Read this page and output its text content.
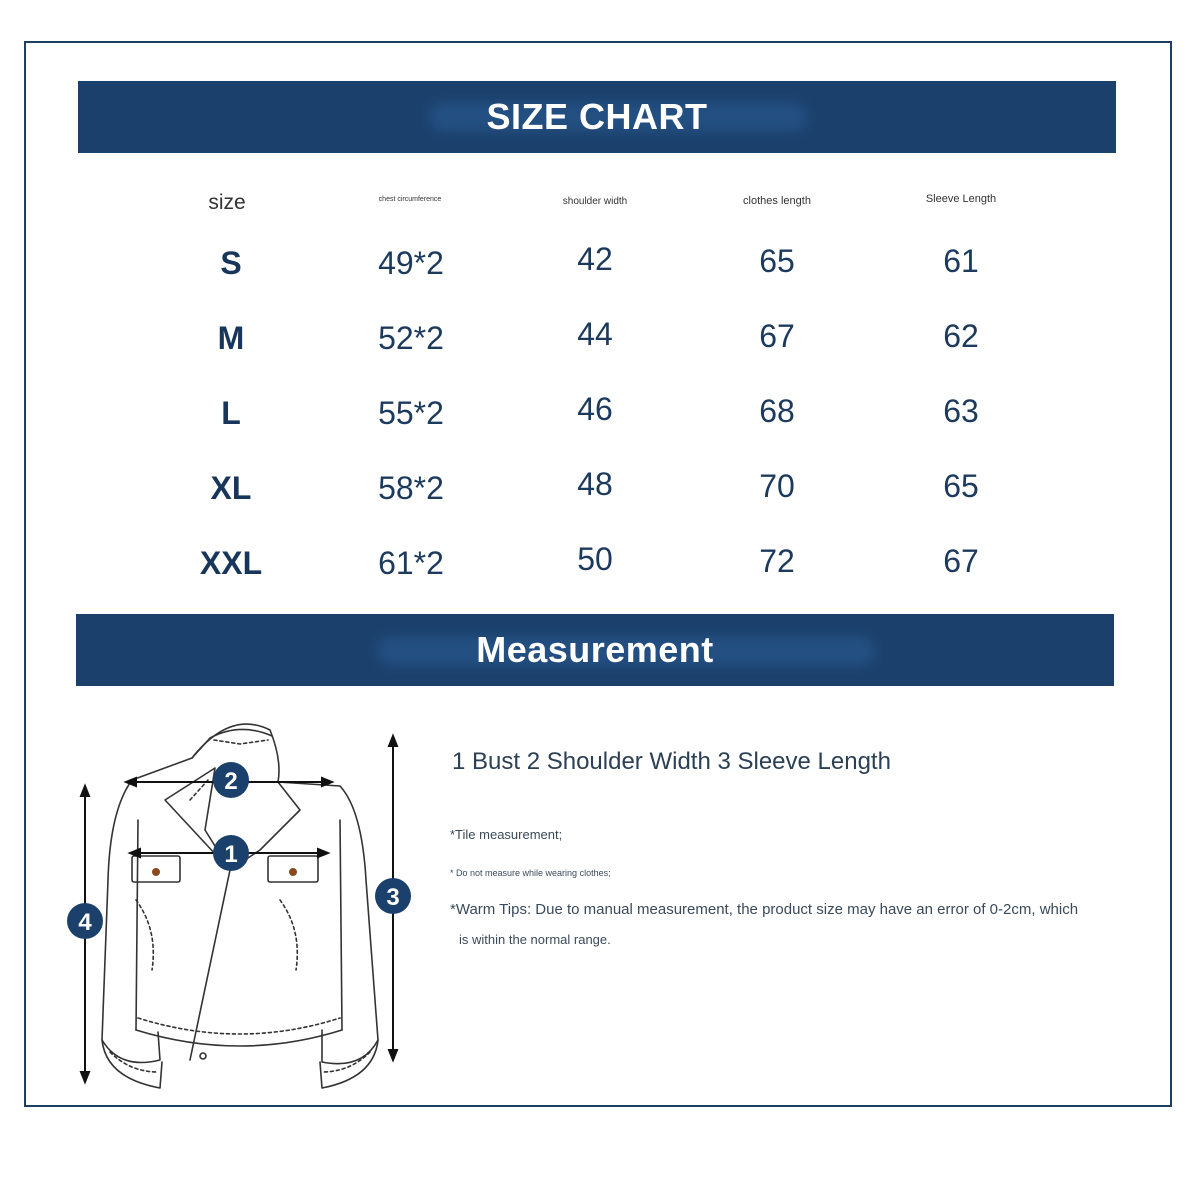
SIZE CHART
size	chest circumference	shoulder width	clothes length	Sleeve Length
S	49*2	42	65	61
M	52*2	44	67	62
L	55*2	46	68	63
XL	58*2	48	70	65
XXL	61*2	50	72	67
Measurement
1 Bust 2 Shoulder Width 3 Sleeve Length
*Tile measurement;
* Do not measure while wearing clothes;
*Warm Tips: Due to manual measurement, the product size may have an error of 0-2cm, which
is within the normal range.
2
1
3
4
